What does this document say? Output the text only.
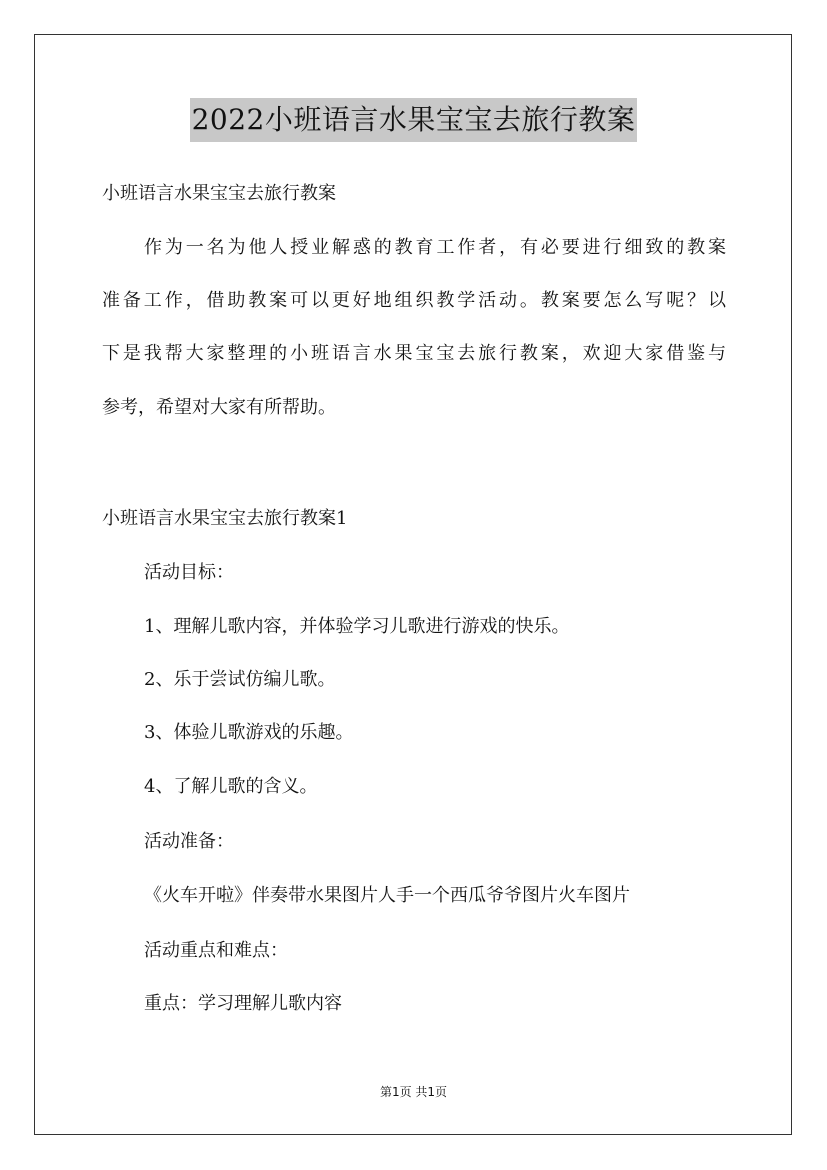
2022小班语言水果宝宝去旅行教案
小班语言水果宝宝去旅行教案
作为一名为他人授业解惑的教育工作者，有必要进行细致的教案
准备工作，借助教案可以更好地组织教学活动。教案要怎么写呢？以
下是我帮大家整理的小班语言水果宝宝去旅行教案，欢迎大家借鉴与
参考，希望对大家有所帮助。
小班语言水果宝宝去旅行教案1
活动目标：
1、理解儿歌内容，并体验学习儿歌进行游戏的快乐。
2、乐于尝试仿编儿歌。
3、体验儿歌游戏的乐趣。
4、了解儿歌的含义。
活动准备：
《火车开啦》伴奏带水果图片人手一个西瓜爷爷图片火车图片
活动重点和难点：
重点：学习理解儿歌内容
第1页 共1页
